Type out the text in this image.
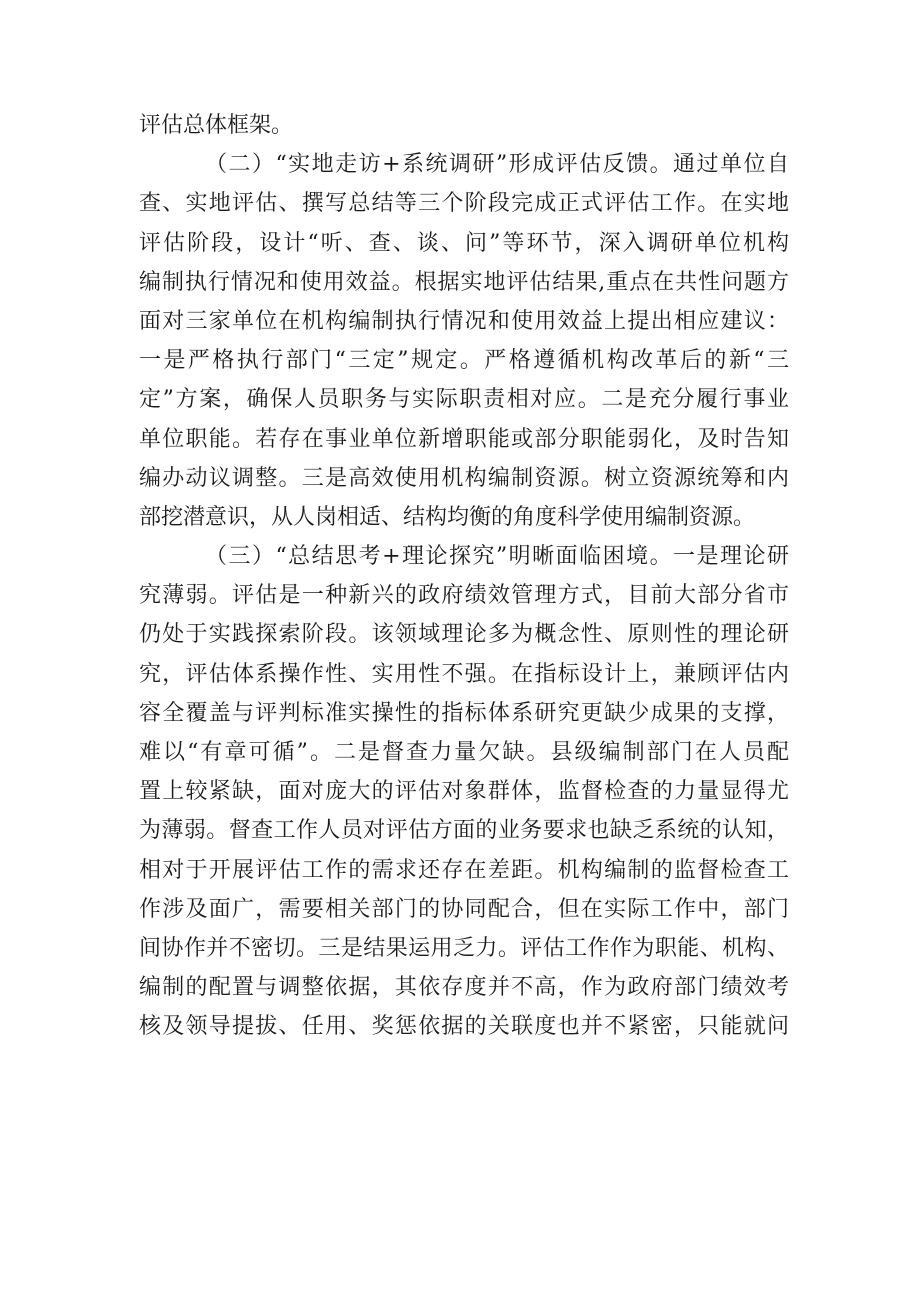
评估总体框架。
（二）“实地走访+系统调研”形成评估反馈。通过单位自
查、实地评估、撰写总结等三个阶段完成正式评估工作。在实地
评估阶段，设计“听、查、谈、问”等环节，深入调研单位机构
编制执行情况和使用效益。根据实地评估结果,重点在共性问题方
面对三家单位在机构编制执行情况和使用效益上提出相应建议：
一是严格执行部门“三定”规定。严格遵循机构改革后的新“三
定”方案，确保人员职务与实际职责相对应。二是充分履行事业
单位职能。若存在事业单位新增职能或部分职能弱化，及时告知
编办动议调整。三是高效使用机构编制资源。树立资源统筹和内
部挖潜意识，从人岗相适、结构均衡的角度科学使用编制资源。
（三）“总结思考+理论探究”明晰面临困境。一是理论研
究薄弱。评估是一种新兴的政府绩效管理方式，目前大部分省市
仍处于实践探索阶段。该领域理论多为概念性、原则性的理论研
究，评估体系操作性、实用性不强。在指标设计上，兼顾评估内
容全覆盖与评判标准实操性的指标体系研究更缺少成果的支撑，
难以“有章可循”。二是督查力量欠缺。县级编制部门在人员配
置上较紧缺，面对庞大的评估对象群体，监督检查的力量显得尤
为薄弱。督查工作人员对评估方面的业务要求也缺乏系统的认知，
相对于开展评估工作的需求还存在差距。机构编制的监督检查工
作涉及面广，需要相关部门的协同配合，但在实际工作中，部门
间协作并不密切。三是结果运用乏力。评估工作作为职能、机构、
编制的配置与调整依据，其依存度并不高，作为政府部门绩效考
核及领导提拔、任用、奖惩依据的关联度也并不紧密，只能就问
